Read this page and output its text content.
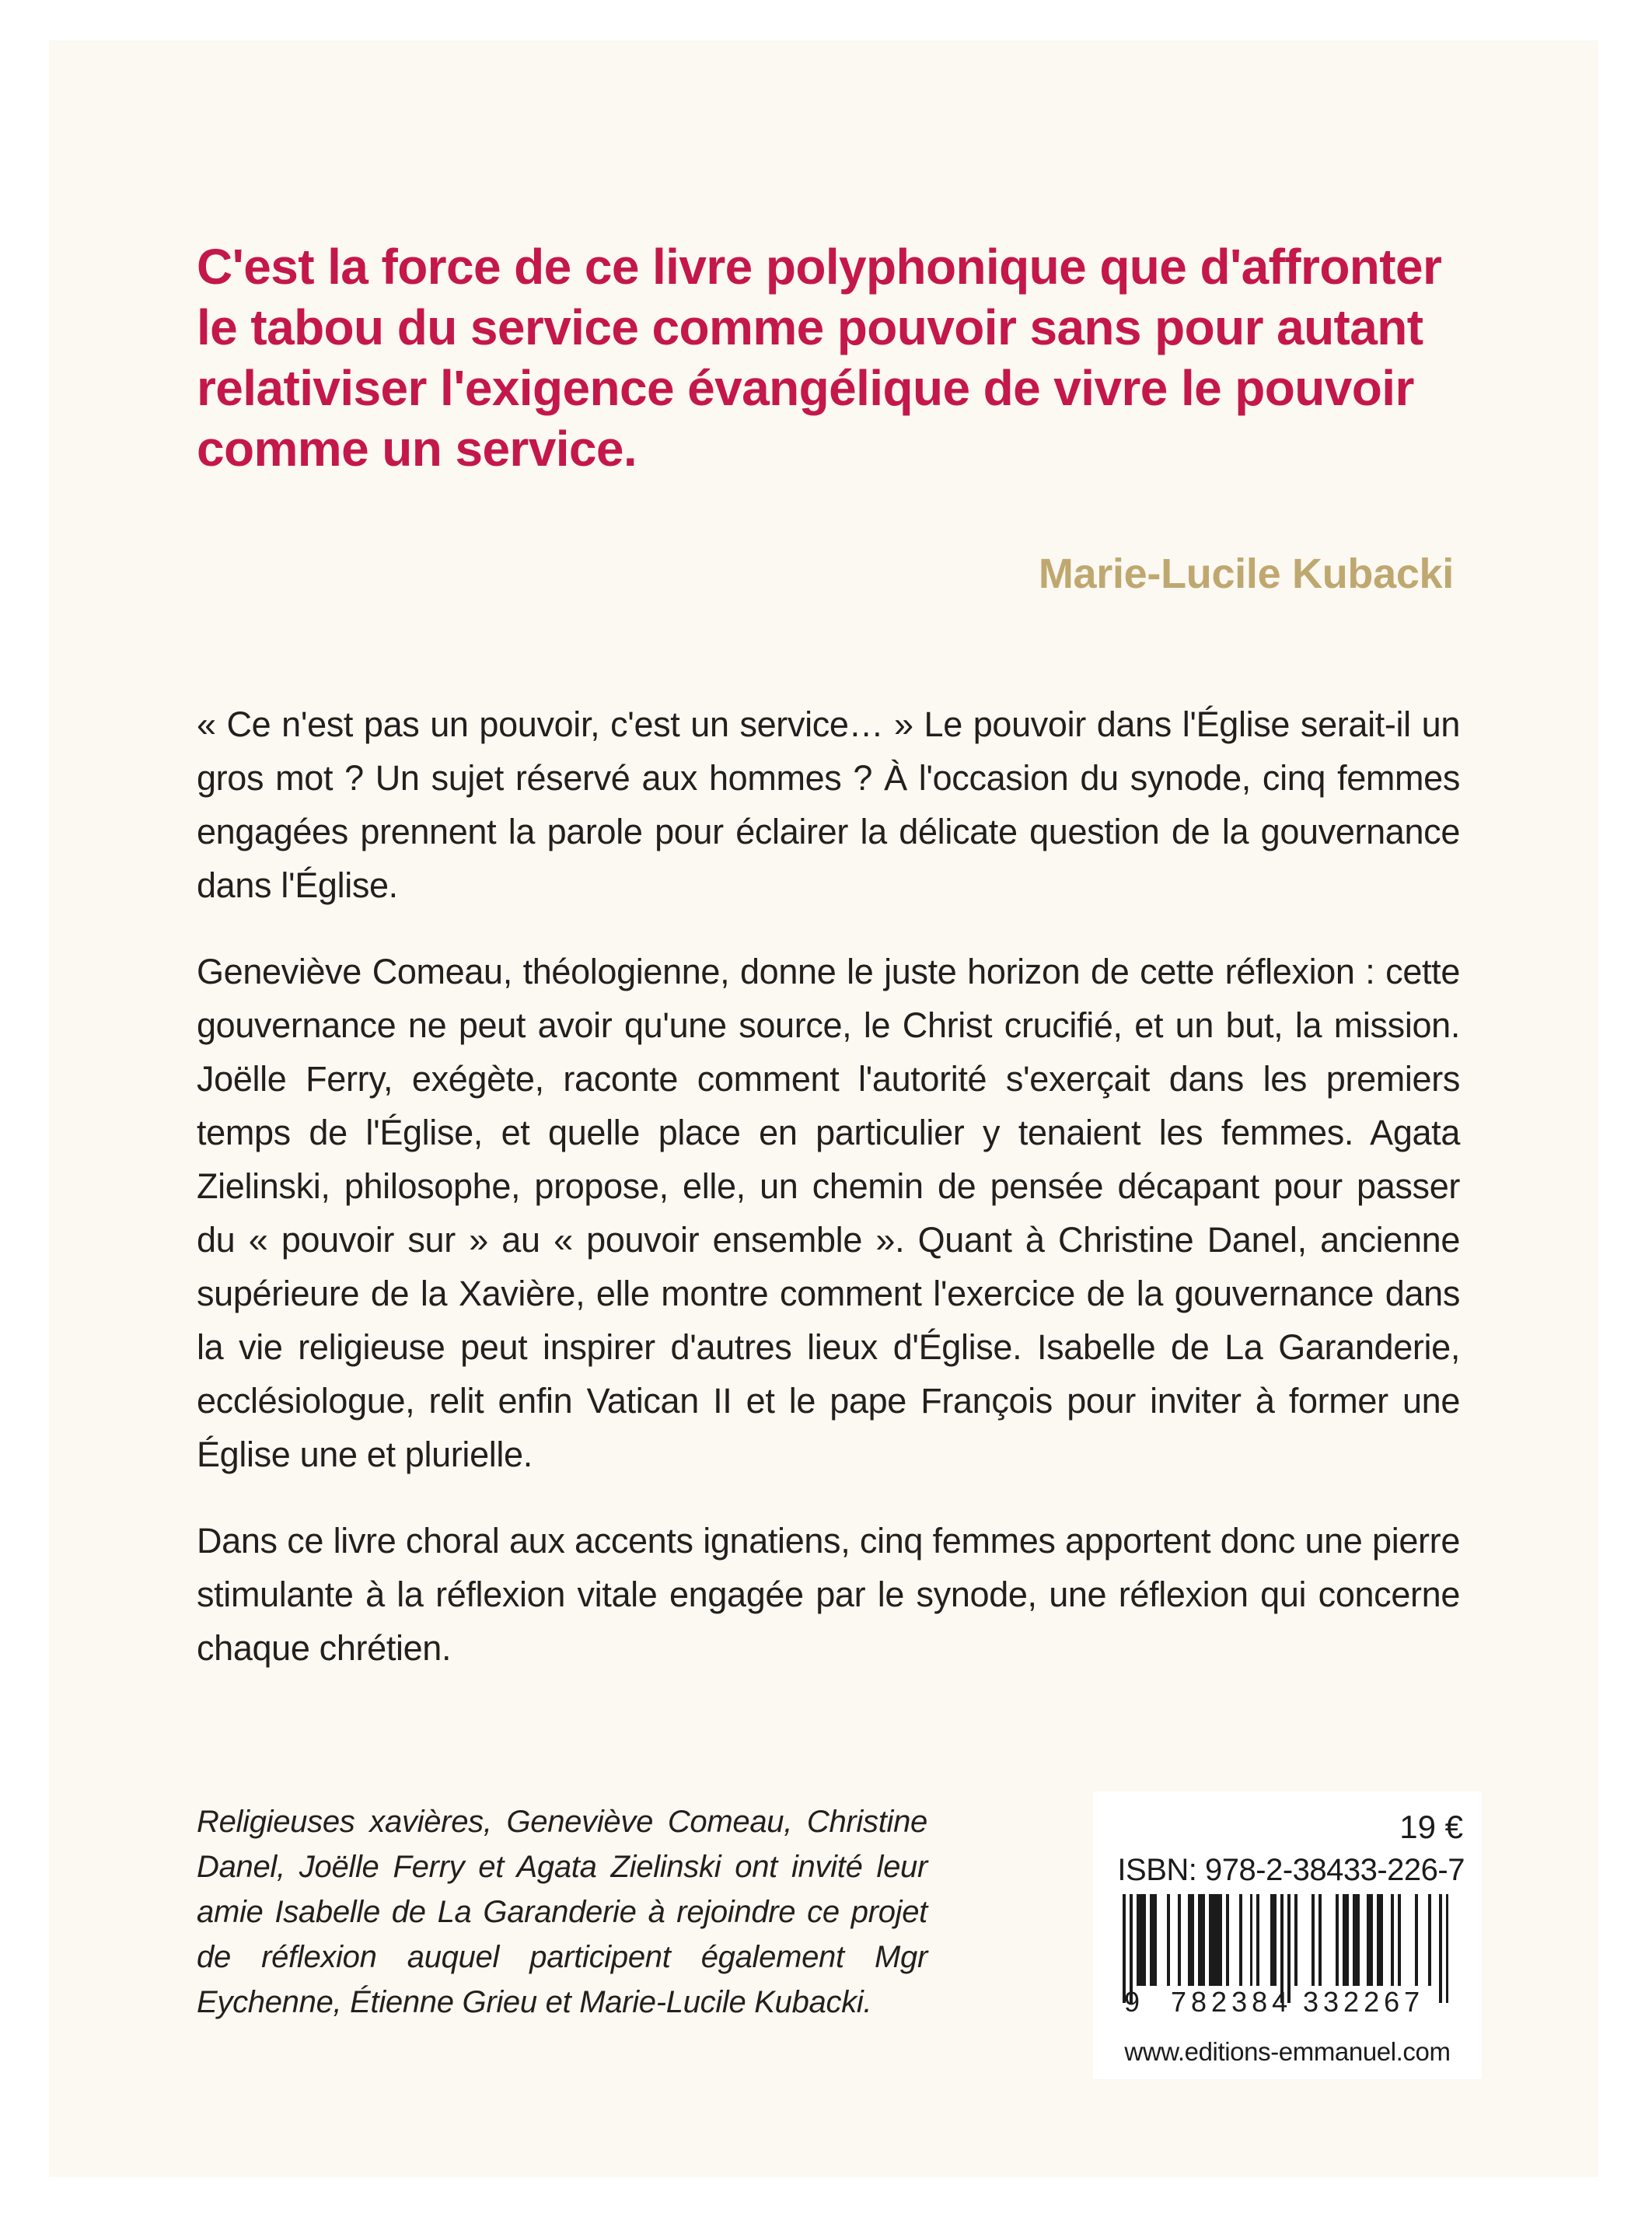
C'est la force de ce livre polyphonique que d'affronter le tabou du service comme pouvoir sans pour autant relativiser l'exigence évangélique de vivre le pouvoir comme un service.
Marie-Lucile Kubacki

« Ce n'est pas un pouvoir, c'est un service… » Le pouvoir dans l'Église serait-il un gros mot ? Un sujet réservé aux hommes ? À l'occasion du synode, cinq femmes engagées prennent la parole pour éclairer la délicate question de la gouvernance dans l'Église.

Geneviève Comeau, théologienne, donne le juste horizon de cette réflexion : cette gouvernance ne peut avoir qu'une source, le Christ crucifié, et un but, la mission. Joëlle Ferry, exégète, raconte comment l'autorité s'exerçait dans les premiers temps de l'Église, et quelle place en particulier y tenaient les femmes. Agata Zielinski, philosophe, propose, elle, un chemin de pensée décapant pour passer du « pouvoir sur » au « pouvoir ensemble ». Quant à Christine Danel, ancienne supérieure de la Xavière, elle montre comment l'exercice de la gouvernance dans la vie religieuse peut inspirer d'autres lieux d'Église. Isabelle de La Garanderie, ecclésiologue, relit enfin Vatican II et le pape François pour inviter à former une Église une et plurielle.

Dans ce livre choral aux accents ignatiens, cinq femmes apportent donc une pierre stimulante à la réflexion vitale engagée par le synode, une réflexion qui concerne chaque chrétien.

Religieuses xavières, Geneviève Comeau, Christine Danel, Joëlle Ferry et Agata Zielinski ont invité leur amie Isabelle de La Garanderie à rejoindre ce projet de réflexion auquel participent également Mgr Eychenne, Étienne Grieu et Marie-Lucile Kubacki.
19 €
ISBN: 978-2-38433-226-7
9 782384 332267
www.editions-emmanuel.com
